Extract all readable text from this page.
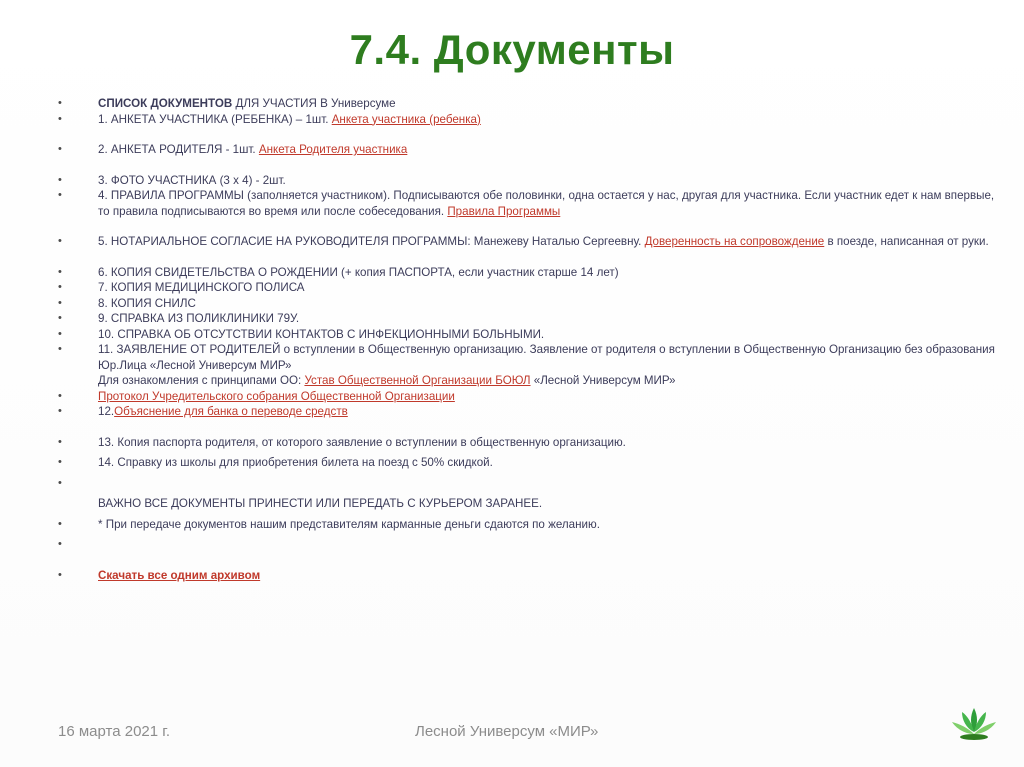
7.4. Документы
• СПИСОК ДОКУМЕНТОВ ДЛЯ УЧАСТИЯ В Универсуме
• 1. АНКЕТА УЧАСТНИКА (РЕБЕНКА) – 1шт. Анкета участника (ребенка)
• 2. АНКЕТА РОДИТЕЛЯ - 1шт. Анкета Родителя участника
• 3. ФОТО УЧАСТНИКА (3 х 4) - 2шт.
• 4. ПРАВИЛА ПРОГРАММЫ (заполняется участником). Подписываются обе половинки, одна остается у нас, другая для участника. Если участник едет к нам впервые, то правила подписываются во время или после собеседования. Правила Программы
• 5. НОТАРИАЛЬНОЕ СОГЛАСИЕ НА РУКОВОДИТЕЛЯ ПРОГРАММЫ: Манежеву Наталью Сергеевну. Доверенность на сопровождение в поезде, написанная от руки.
• 6. КОПИЯ СВИДЕТЕЛЬСТВА О РОЖДЕНИИ (+ копия ПАСПОРТА, если участник старше 14 лет)
• 7. КОПИЯ МЕДИЦИНСКОГО ПОЛИСА
• 8. КОПИЯ СНИЛС
• 9. СПРАВКА ИЗ ПОЛИКЛИНИКИ 79У.
• 10. СПРАВКА ОБ ОТСУТСТВИИ КОНТАКТОВ С ИНФЕКЦИОННЫМИ БОЛЬНЫМИ.
• 11. ЗАЯВЛЕНИЕ ОТ РОДИТЕЛЕЙ о вступлении в Общественную организацию. Заявление от родителя о вступлении в Общественную Организацию без образования Юр.Лица «Лесной Универсум МИР»
Для ознакомления с принципами ОО: Устав Общественной Организации БОЮЛ «Лесной Универсум МИР»
• Протокол Учредительского собрания Общественной Организации
• 12.Объяснение для банка о переводе средств
• 13. Копия паспорта родителя, от которого заявление о вступлении в общественную организацию.
• 14. Справку из школы для приобретения билета на поезд с 50% скидкой.
•
ВАЖНО ВСЕ ДОКУМЕНТЫ ПРИНЕСТИ ИЛИ ПЕРЕДАТЬ С КУРЬЕРОМ ЗАРАНЕЕ.
• * При передаче документов нашим представителям карманные деньги сдаются по желанию.
•
• Скачать все одним архивом
16 марта 2021 г.	Лесной Универсум «МИР»
